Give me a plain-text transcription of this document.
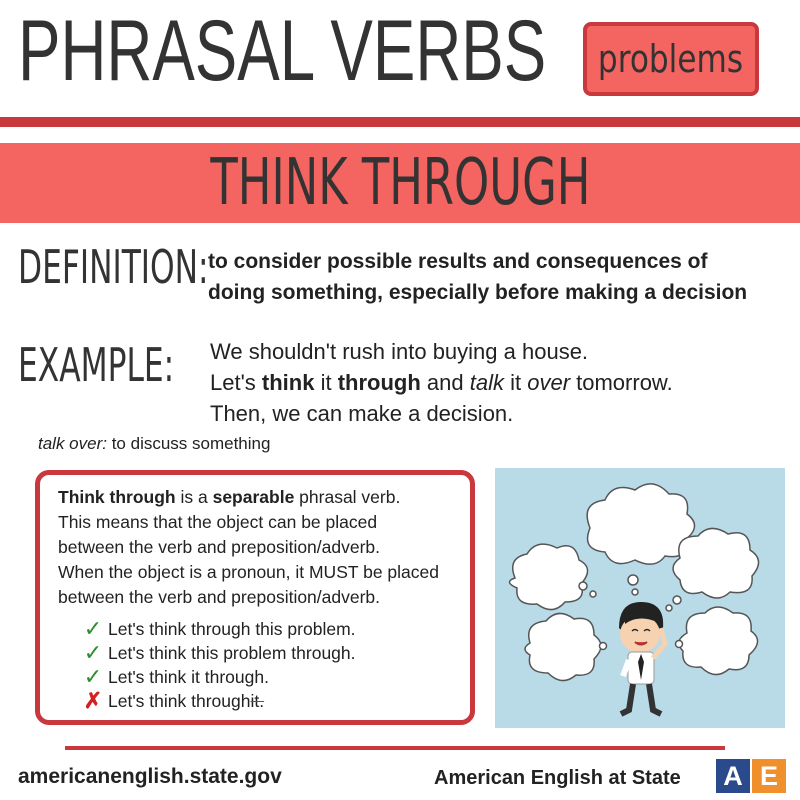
PHRASAL VERBS problems
THINK THROUGH
DEFINITION: to consider possible results and consequences of
doing something, especially before making a decision
EXAMPLE: We shouldn't rush into buying a house.
Let's think it through and talk it over tomorrow.
Then, we can make a decision.
talk over: to discuss something
Think through is a separable phrasal verb.
This means that the object can be placed
between the verb and preposition/adverb.
When the object is a pronoun, it MUST be placed
between the verb and preposition/adverb.
✓ Let's think through this problem.
✓ Let's think this problem through.
✓ Let's think it through.
✗ Let's think through it.
americanenglish.state.gov	American English at State A E
